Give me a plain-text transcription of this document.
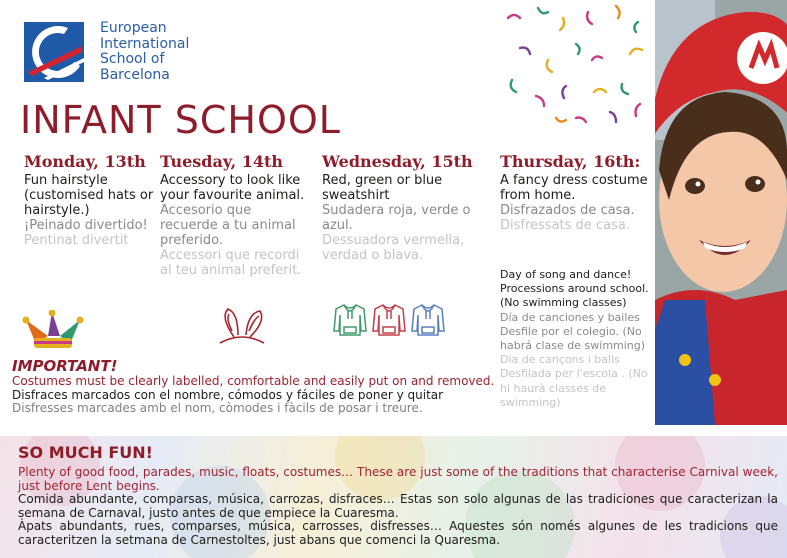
European
International
School of
Barcelona
INFANT SCHOOL
Monday, 13th
Fun hairstyle (customised hats or hairstyle.)
¡Peinado divertido!
Pentinat divertit
Tuesday, 14th
Accessory to look like your favourite animal.
Accesorio que recuerde a tu animal preferido.
Accessori que recordi al teu animal preferit.
Wednesday, 15th
Red, green or blue sweatshirt
Sudadera roja, verde o azul.
Dessuadora vermella, verdad o blava.
Thursday, 16th:
A fancy dress costume from home.
Disfrazados de casa.
Disfressats de casa.
Day of song and dance! Processions around school. (No swimming classes)
Día de canciones y bailes Desfile por el colegio. (No habrá clase de swimming)
Dia de cançons i balls Desfilada per l'escola . (No hi haurà classes de swimming)
IMPORTANT!
Costumes must be clearly labelled, comfortable and easily put on and removed.
Disfraces marcados con el nombre, cómodos y fáciles de poner y quitar
Disfresses marcades amb el nom, còmodes i fàcils de posar i treure.
SO MUCH FUN!
Plenty of good food, parades, music, floats, costumes… These are just some of the traditions that characterise Carnival week, just before Lent begins.
Comida abundante, comparsas, música, carrozas, disfraces… Estas son solo algunas de las tradiciones que caracterizan la semana de Carnaval, justo antes de que empiece la Cuaresma.
Àpats abundants, rues, comparses, música, carrosses, disfresses… Aquestes són només algunes de les tradicions que caracteritzen la setmana de Carnestoltes, just abans que comenci la Quaresma.
